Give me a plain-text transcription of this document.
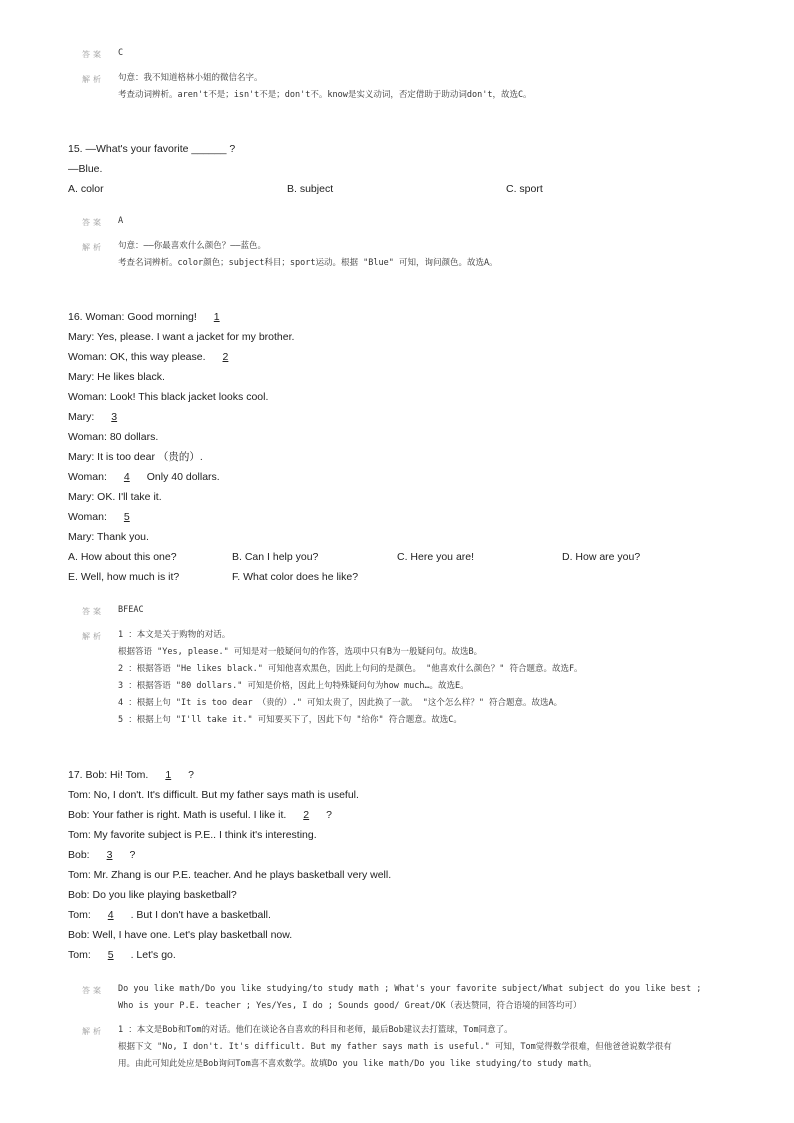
答案 C
解析 句意：我不知道格林小姐的微信名字。
考查动词辨析。aren't不是；isn't不是；don't不。know是实义动词，否定借助于助动词don't，故选C。
15. —What's your favorite ______ ?
—Blue.
A. color	B. subject	C. sport
答案 A
解析 句意：——你最喜欢什么颜色？——蓝色。
考查名词辨析。color颜色；subject科目；sport运动。根据 "Blue" 可知，询问颜色。故选A。
16. Woman: Good morning! 1
Mary: Yes, please. I want a jacket for my brother.
Woman: OK, this way please. 2
Mary: He likes black.
Woman: Look! This black jacket looks cool.
Mary: 3
Woman: 80 dollars.
Mary: It is too dear （贵的）.
Woman: 4 Only 40 dollars.
Mary: OK. I'll take it.
Woman: 5
Mary: Thank you.
A. How about this one?	B. Can I help you?	C. Here you are!	D. How are you?
E. Well, how much is it?	F. What color does he like?
答案 BFEAC
解析 1 ：本文是关于购物的对话。
根据答语 "Yes, please." 可知是对一般疑问句的作答，选项中只有B为一般疑问句。故选B。
2 ：根据答语 "He likes black." 可知他喜欢黑色，因此上句问的是颜色。 "他喜欢什么颜色？" 符合题意。故选F。
3 ：根据答语 "80 dollars." 可知是价格，因此上句特殊疑问句为how much…。故选E。
4 ：根据上句 "It is too dear （贵的）." 可知太贵了，因此换了一款。 "这个怎么样？" 符合题意。故选A。
5 ：根据上句 "I'll take it." 可知要买下了，因此下句 "给你" 符合题意。故选C。
17. Bob: Hi! Tom. 1 ?
Tom: No, I don't. It's difficult. But my father says math is useful.
Bob: Your father is right. Math is useful. I like it. 2 ?
Tom: My favorite subject is P.E.. I think it's interesting.
Bob: 3 ?
Tom: Mr. Zhang is our P.E. teacher. And he plays basketball very well.
Bob: Do you like playing basketball?
Tom: 4 . But I don't have a basketball.
Bob: Well, I have one. Let's play basketball now.
Tom: 5 . Let's go.
答案 Do you like math/Do you like studying/to study math ; What's your favorite subject/What subject do you like best ;
Who is your P.E. teacher ; Yes/Yes, I do ; Sounds good/ Great/OK（表达赞同，符合语境的回答均可）
解析 1 ：本文是Bob和Tom的对话。他们在谈论各自喜欢的科目和老师，最后Bob建议去打篮球，Tom同意了。
根据下文 "No, I don't. It's difficult. But my father says math is useful." 可知，Tom觉得数学很难，但他爸爸说数学很有
用。由此可知此处应是Bob询问Tom喜不喜欢数学。故填Do you like math/Do you like studying/to study math。
